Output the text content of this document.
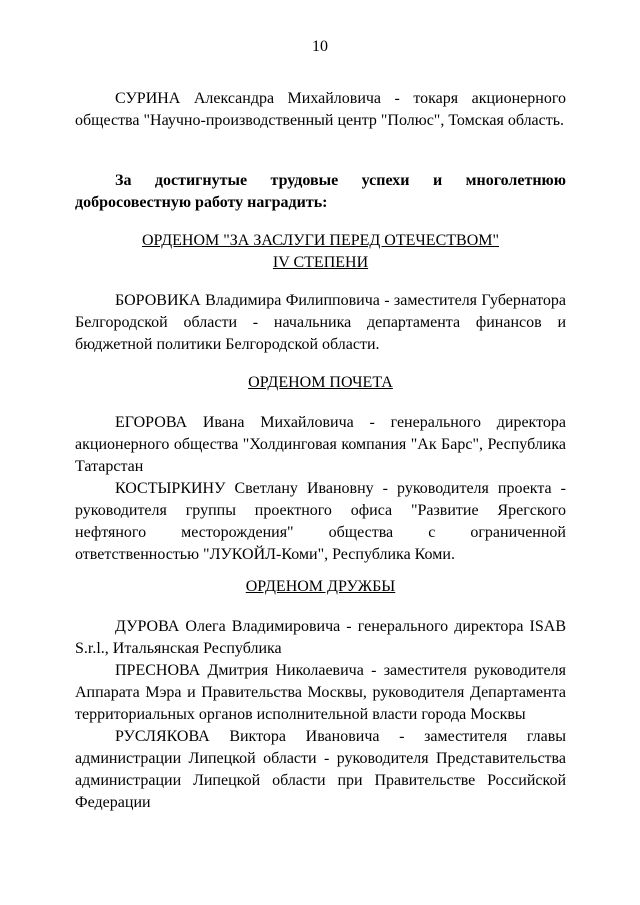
10

СУРИНА Александра Михайловича - токаря акционерного общества "Научно-производственный центр "Полюс", Томская область.

За достигнутые трудовые успехи и многолетнюю добросовестную работу наградить:

ОРДЕНОМ "ЗА ЗАСЛУГИ ПЕРЕД ОТЕЧЕСТВОМ"
IV СТЕПЕНИ

БОРОВИКА Владимира Филипповича - заместителя Губернатора Белгородской области - начальника департамента финансов и бюджетной политики Белгородской области.

ОРДЕНОМ ПОЧЕТА

ЕГОРОВА Ивана Михайловича - генерального директора акционерного общества "Холдинговая компания "Ак Барс", Республика Татарстан

КОСТЫРКИНУ Светлану Ивановну - руководителя проекта - руководителя группы проектного офиса "Развитие Ярегского нефтяного месторождения" общества с ограниченной ответственностью "ЛУКОЙЛ-Коми", Республика Коми.

ОРДЕНОМ ДРУЖБЫ

ДУРОВА Олега Владимировича - генерального директора ISAB S.r.l., Итальянская Республика

ПРЕСНОВА Дмитрия Николаевича - заместителя руководителя Аппарата Мэра и Правительства Москвы, руководителя Департамента территориальных органов исполнительной власти города Москвы

РУСЛЯКОВА Виктора Ивановича - заместителя главы администрации Липецкой области - руководителя Представительства администрации Липецкой области при Правительстве Российской Федерации
